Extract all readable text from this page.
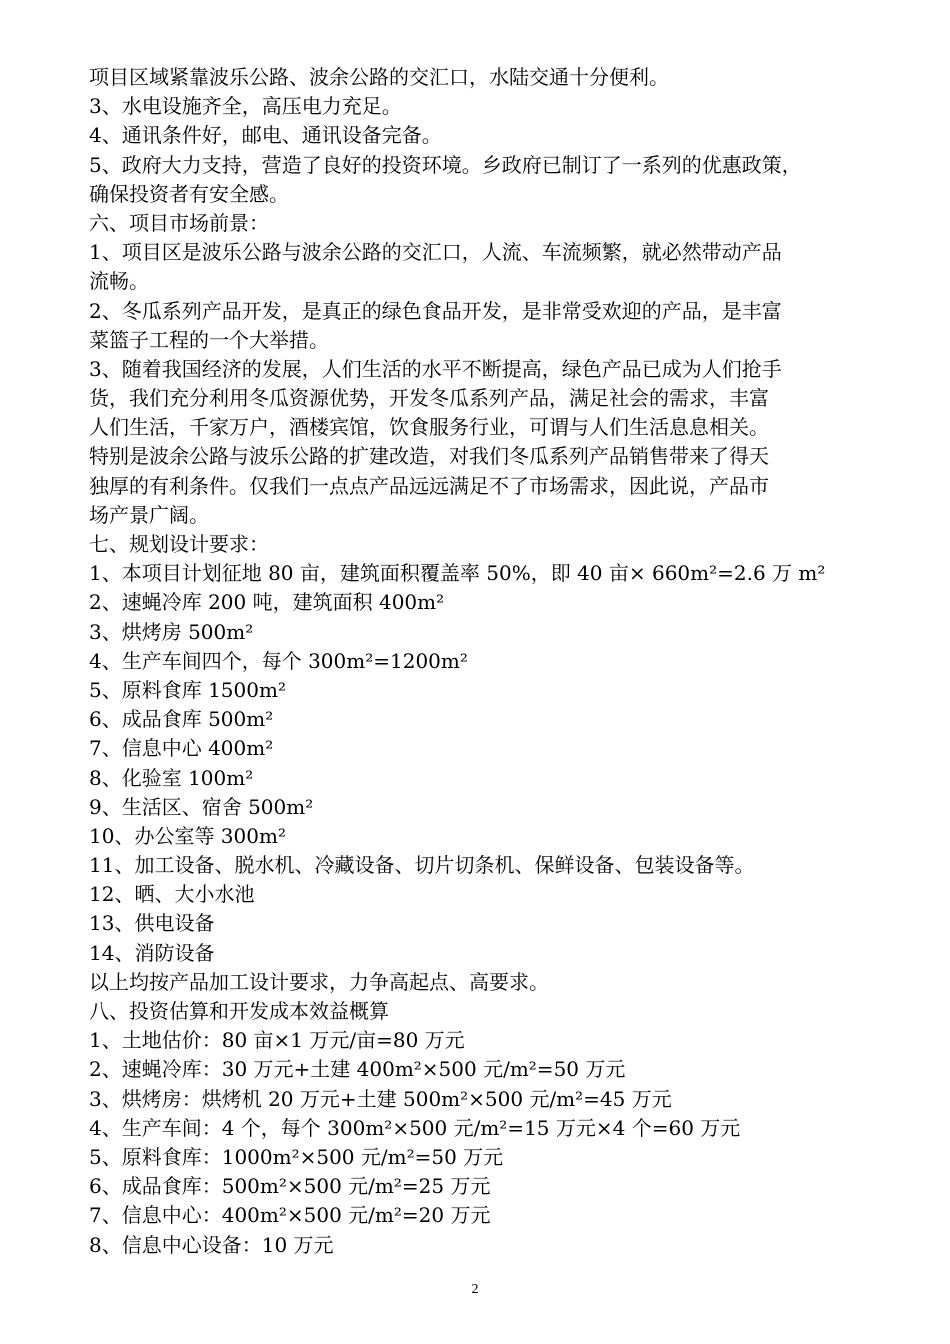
项目区域紧靠波乐公路、波余公路的交汇口，水陆交通十分便利。
3、水电设施齐全，高压电力充足。
4、通讯条件好，邮电、通讯设备完备。
5、政府大力支持，营造了良好的投资环境。乡政府已制订了一系列的优惠政策，
确保投资者有安全感。
六、项目市场前景：
1、项目区是波乐公路与波余公路的交汇口，人流、车流频繁，就必然带动产品
流畅。
2、冬瓜系列产品开发，是真正的绿色食品开发，是非常受欢迎的产品，是丰富
菜篮子工程的一个大举措。
3、随着我国经济的发展，人们生活的水平不断提高，绿色产品已成为人们抢手
货，我们充分利用冬瓜资源优势，开发冬瓜系列产品，满足社会的需求，丰富
人们生活，千家万户，酒楼宾馆，饮食服务行业，可谓与人们生活息息相关。
特别是波余公路与波乐公路的扩建改造，对我们冬瓜系列产品销售带来了得天
独厚的有利条件。仅我们一点点产品远远满足不了市场需求，因此说，产品市
场产景广阔。
七、规划设计要求：
1、本项目计划征地 80 亩，建筑面积覆盖率 50%，即 40 亩× 660m²=2.6 万 m²
2、速蝇冷库 200 吨，建筑面积 400m²
3、烘烤房 500m²
4、生产车间四个，每个 300m²=1200m²
5、原料食库 1500m²
6、成品食库 500m²
7、信息中心 400m²
8、化验室 100m²
9、生活区、宿舍 500m²
10、办公室等 300m²
11、加工设备、脱水机、冷藏设备、切片切条机、保鲜设备、包装设备等。
12、晒、大小水池
13、供电设备
14、消防设备
以上均按产品加工设计要求，力争高起点、高要求。
八、投资估算和开发成本效益概算
1、土地估价：80 亩×1 万元/亩=80 万元
2、速蝇冷库：30 万元+土建 400m²×500 元/m²=50 万元
3、烘烤房：烘烤机 20 万元+土建 500m²×500 元/m²=45 万元
4、生产车间：4 个，每个 300m²×500 元/m²=15 万元×4 个=60 万元
5、原料食库：1000m²×500 元/m²=50 万元
6、成品食库：500m²×500 元/m²=25 万元
7、信息中心：400m²×500 元/m²=20 万元
8、信息中心设备：10 万元
2
